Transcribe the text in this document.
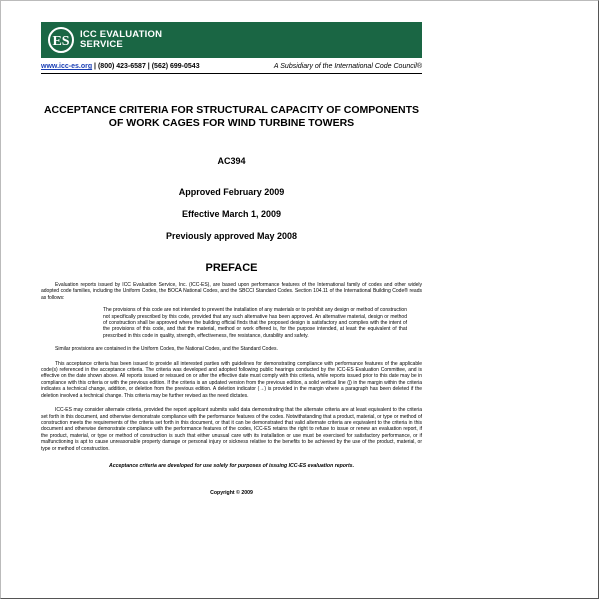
ES ICC EVALUATION
SERVICE
www.icc-es.org | (800) 423-6587 | (562) 699-0543	A Subsidiary of the International Code Council®
ACCEPTANCE CRITERIA FOR STRUCTURAL CAPACITY OF COMPONENTS OF WORK CAGES FOR WIND TURBINE TOWERS
AC394
Approved February 2009
Effective March 1, 2009
Previously approved May 2008
PREFACE
Evaluation reports issued by ICC Evaluation Service, Inc. (ICC-ES), are based upon performance features of the International family of codes and other widely adopted code families, including the Uniform Codes, the BOCA National Codes, and the SBCCI Standard Codes. Section 104.11 of the International Building Code® reads as follows:
The provisions of this code are not intended to prevent the installation of any materials or to prohibit any design or method of construction not specifically prescribed by this code, provided that any such alternative has been approved. An alternative material, design or method of construction shall be approved where the building official finds that the proposed design is satisfactory and complies with the intent of the provisions of this code, and that the material, method or work offered is, for the purpose intended, at least the equivalent of that prescribed in this code in quality, strength, effectiveness, fire resistance, durability and safety.
Similar provisions are contained in the Uniform Codes, the National Codes, and the Standard Codes.
This acceptance criteria has been issued to provide all interested parties with guidelines for demonstrating compliance with performance features of the applicable code(s) referenced in the acceptance criteria. The criteria was developed and adopted following public hearings conducted by the ICC-ES Evaluation Committee, and is effective on the date shown above. All reports issued or reissued on or after the effective date must comply with this criteria, while reports issued prior to this date may be in compliance with this criteria or with the previous edition. If the criteria is an updated version from the previous edition, a solid vertical line (|) in the margin within the criteria indicates a technical change, addition, or deletion from the previous edition. A deletion indicator (→) is provided in the margin where a paragraph has been deleted if the deletion involved a technical change. This criteria may be further revised as the need dictates.
ICC-ES may consider alternate criteria, provided the report applicant submits valid data demonstrating that the alternate criteria are at least equivalent to the criteria set forth in this document, and otherwise demonstrate compliance with the performance features of the codes. Notwithstanding that a product, material, or type or method of construction meets the requirements of the criteria set forth in this document, or that it can be demonstrated that valid alternate criteria are equivalent to the criteria in this document and otherwise demonstrate compliance with the performance features of the codes, ICC-ES retains the right to refuse to issue or renew an evaluation report, if the product, material, or type or method of construction is such that either unusual care with its installation or use must be exercised for satisfactory performance, or if malfunctioning is apt to cause unreasonable property damage or personal injury or sickness relative to the benefits to be achieved by the use of the product, material, or type or method of construction.
Acceptance criteria are developed for use solely for purposes of issuing ICC-ES evaluation reports.
Copyright © 2009
